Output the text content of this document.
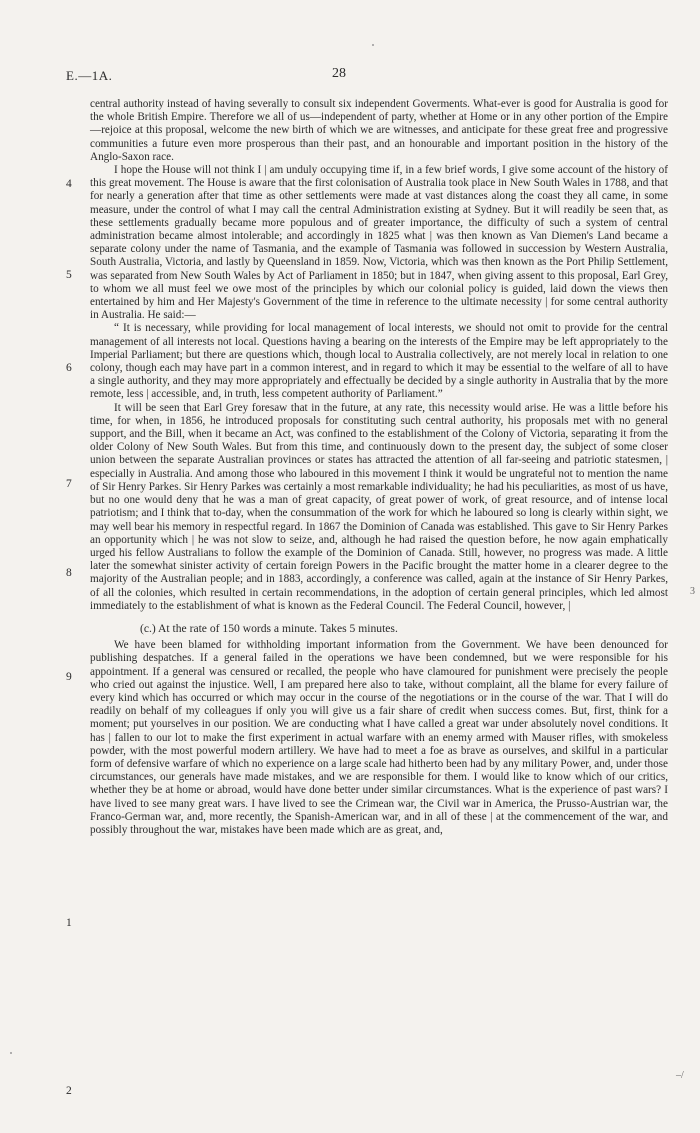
E.—1A.	28
4
5
6
7
8
9
1
2
3
–/

central authority instead of having severally to consult six independent Goverments. What-ever is good for Australia is good for the whole British Empire. Therefore we all of us—independent of party, whether at Home or in any other portion of the Empire—rejoice at this proposal, welcome the new birth of which we are witnesses, and anticipate for these great free and progressive communities a future even more prosperous than their past, and an honourable and important position in the history of the Anglo-Saxon race.

I hope the House will not think I | am unduly occupying time if, in a few brief words, I give some account of the history of this great movement. The House is aware that the first colonisation of Australia took place in New South Wales in 1788, and that for nearly a generation after that time as other settlements were made at vast distances along the coast they all came, in some measure, under the control of what I may call the central Administration existing at Sydney. But it will readily be seen that, as these settlements gradually became more populous and of greater importance, the difficulty of such a system of central administration became almost intolerable; and accordingly in 1825 what | was then known as Van Diemen's Land became a separate colony under the name of Tasmania, and the example of Tasmania was followed in succession by Western Australia, South Australia, Victoria, and lastly by Queensland in 1859. Now, Victoria, which was then known as the Port Philip Settlement, was separated from New South Wales by Act of Parliament in 1850; but in 1847, when giving assent to this proposal, Earl Grey, to whom we all must feel we owe most of the principles by which our colonial policy is guided, laid down the views then entertained by him and Her Majesty's Government of the time in reference to the ultimate necessity | for some central authority in Australia. He said:—

“ It is necessary, while providing for local management of local interests, we should not omit to provide for the central management of all interests not local. Questions having a bearing on the interests of the Empire may be left appropriately to the Imperial Parliament; but there are questions which, though local to Australia collectively, are not merely local in relation to one colony, though each may have part in a common interest, and in regard to which it may be essential to the welfare of all to have a single authority, and they may more appropriately and effectually be decided by a single authority in Australia that by the more remote, less | accessible, and, in truth, less competent authority of Parliament.”

It will be seen that Earl Grey foresaw that in the future, at any rate, this necessity would arise. He was a little before his time, for when, in 1856, he introduced proposals for constituting such central authority, his proposals met with no general support, and the Bill, when it became an Act, was confined to the establishment of the Colony of Victoria, separating it from the older Colony of New South Wales. But from this time, and continuously down to the present day, the subject of some closer union between the separate Australian provinces or states has attracted the attention of all far-seeing and patriotic statesmen, | especially in Australia. And among those who laboured in this movement I think it would be ungrateful not to mention the name of Sir Henry Parkes. Sir Henry Parkes was certainly a most remarkable individuality; he had his peculiarities, as most of us have, but no one would deny that he was a man of great capacity, of great power of work, of great resource, and of intense local patriotism; and I think that to-day, when the consummation of the work for which he laboured so long is clearly within sight, we may well bear his memory in respectful regard. In 1867 the Dominion of Canada was established. This gave to Sir Henry Parkes an opportunity which | he was not slow to seize, and, although he had raised the question before, he now again emphatically urged his fellow Australians to follow the example of the Dominion of Canada. Still, however, no progress was made. A little later the somewhat sinister activity of certain foreign Powers in the Pacific brought the matter home in a clearer degree to the majority of the Australian people; and in 1883, accordingly, a conference was called, again at the instance of Sir Henry Parkes, of all the colonies, which resulted in certain recommendations, in the adoption of certain general principles, which led almost immediately to the establishment of what is known as the Federal Council. The Federal Council, however, |

(c.) At the rate of 150 words a minute. Takes 5 minutes.

We have been blamed for withholding important information from the Government. We have been denounced for publishing despatches. If a general failed in the operations we have been condemned, but we were responsible for his appointment. If a general was censured or recalled, the people who have clamoured for punishment were precisely the people who cried out against the injustice. Well, I am prepared here also to take, without complaint, all the blame for every failure of every kind which has occurred or which may occur in the course of the negotiations or in the course of the war. That I will do readily on behalf of my colleagues if only you will give us a fair share of credit when success comes. But, first, think for a moment; put yourselves in our position. We are conducting what I have called a great war under absolutely novel conditions. It has | fallen to our lot to make the first experiment in actual warfare with an enemy armed with Mauser rifles, with smokeless powder, with the most powerful modern artillery. We have had to meet a foe as brave as ourselves, and skilful in a particular form of defensive warfare of which no experience on a large scale had hitherto been had by any military Power, and, under those circumstances, our generals have made mistakes, and we are responsible for them. I would like to know which of our critics, whether they be at home or abroad, would have done better under similar circumstances. What is the experience of past wars? I have lived to see many great wars. I have lived to see the Crimean war, the Civil war in America, the Prusso-Austrian war, the Franco-German war, and, more recently, the Spanish-American war, and in all of these | at the commencement of the war, and possibly throughout the war, mistakes have been made which are as great, and,
